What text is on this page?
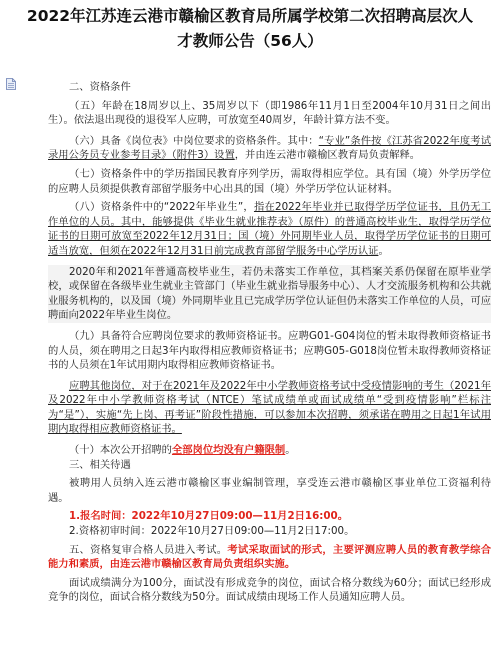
2022年江苏连云港市赣榆区教育局所属学校第二次招聘高层次人才教师公告（56人）

二、资格条件

（五）年龄在18周岁以上、35周岁以下（即1986年11月1日至2004年10月31日之间出生）。依法退出现役的退役军人应聘，可放宽至40周岁，年龄计算方法不变。

（六）具备《岗位表》中岗位要求的资格条件。其中：“专业”条件按《江苏省2022年度考试录用公务员专业参考目录》（附件3）设置，并由连云港市赣榆区教育局负责解释。

（七）资格条件中的学历指国民教育序列学历，需取得相应学位。具有国（境）外学历学位的应聘人员须提供教育部留学服务中心出具的国（境）外学历学位认证材料。

（八）资格条件中的“2022年毕业生”，指在2022年毕业并已取得学历学位证书，且仍无工作单位的人员。其中，能够提供《毕业生就业推荐表》（原件）的普通高校毕业生，取得学历学位证书的日期可放宽至2022年12月31日；国（境）外同期毕业人员，取得学历学位证书的日期可适当放宽，但须在2022年12月31日前完成教育部留学服务中心学历认证。

2020年和2021年普通高校毕业生，若仍未落实工作单位，其档案关系仍保留在原毕业学校，或保留在各级毕业生就业主管部门（毕业生就业指导服务中心）、人才交流服务机构和公共就业服务机构的，以及国（境）外同期毕业且已完成学历学位认证但仍未落实工作单位的人员，可应聘面向2022年毕业生岗位。

（九）具备符合应聘岗位要求的教师资格证书。应聘G01-G04岗位的暂未取得教师资格证书的人员，须在聘用之日起3年内取得相应教师资格证书；应聘G05-G018岗位暂未取得教师资格证书的人员须在1年试用期内取得相应教师资格证书。

应聘其他岗位，对于在2021年及2022年中小学教师资格考试中受疫情影响的考生（2021年及2022年中小学教师资格考试（NTCE）笔试成绩单或面试成绩单“受到疫情影响”栏标注为“是”），实施“先上岗、再考证”阶段性措施，可以参加本次招聘，须承诺在聘用之日起1年试用期内取得相应教师资格证书。

（十）本次公开招聘的全部岗位均没有户籍限制。

三、相关待遇

被聘用人员纳入连云港市赣榆区事业编制管理，享受连云港市赣榆区事业单位工资福利待遇。

1.报名时间：2022年10月27日09:00—11月2日16:00。

2.资格初审时间：2022年10月27日09:00—11月2日17:00。

五、资格复审合格人员进入考试。考试采取面试的形式，主要评测应聘人员的教育教学综合能力和素质，由连云港市赣榆区教育局负责组织实施。

面试成绩满分为100分，面试没有形成竞争的岗位，面试合格分数线为60分；面试已经形成竞争的岗位，面试合格分数线为50分。面试成绩由现场工作人员通知应聘人员。
